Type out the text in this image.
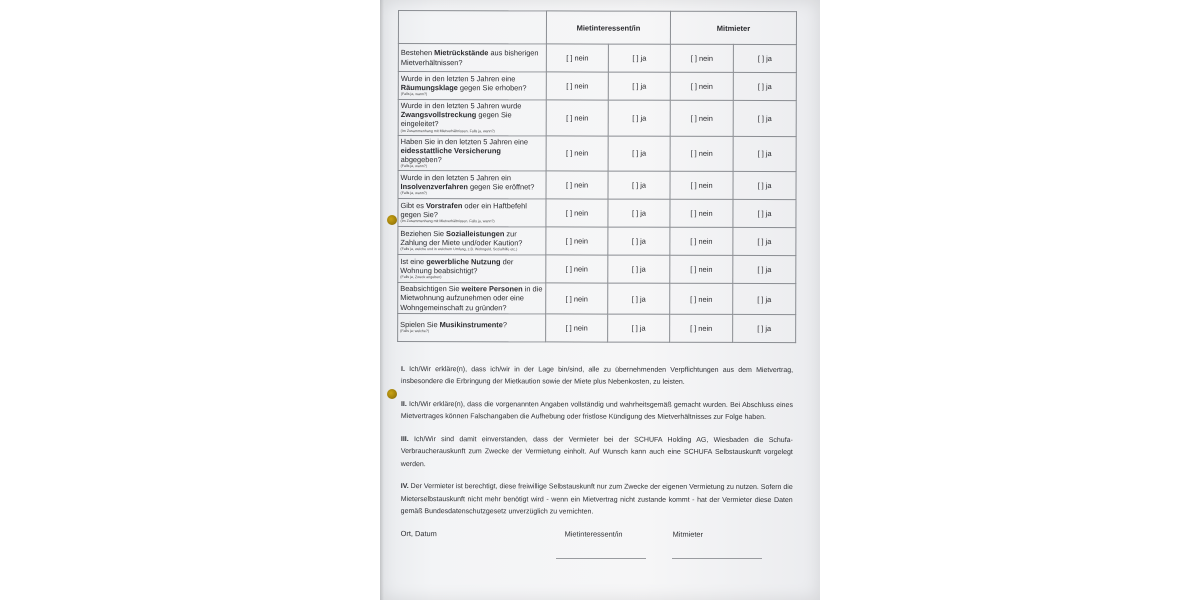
	Mietinteressent/in		Mitmieter	
Bestehen Mietrückstände aus bisherigen Mietverhältnissen?	[ ] nein	[ ] ja	[ ] nein	[ ] ja
Wurde in den letzten 5 Jahren eine Räumungsklage gegen Sie erhoben?
(Falls ja, wann?)	[ ] nein	[ ] ja	[ ] nein	[ ] ja
Wurde in den letzten 5 Jahren wurde Zwangsvollstreckung gegen Sie eingeleitet?
(Im Zusammenhang mit Mietverhältnissen. Falls ja, wann?)	[ ] nein	[ ] ja	[ ] nein	[ ] ja
Haben Sie in den letzten 5 Jahren eine eidesstattliche Versicherung abgegeben?
(Falls ja, wann?)	[ ] nein	[ ] ja	[ ] nein	[ ] ja
Wurde in den letzten 5 Jahren ein Insolvenzverfahren gegen Sie eröffnet?
(Falls ja, wann?)	[ ] nein	[ ] ja	[ ] nein	[ ] ja
Gibt es Vorstrafen oder ein Haftbefehl gegen Sie?
(Im Zusammenhang mit Mietverhältnissen. Falls ja, wann?)	[ ] nein	[ ] ja	[ ] nein	[ ] ja
Beziehen Sie Sozialleistungen zur Zahlung der Miete und/oder Kaution?
(Falls ja, welche und in welchem Umfang, z.B. Wohngeld, Sozialhilfe etc.)	[ ] nein	[ ] ja	[ ] nein	[ ] ja
Ist eine gewerbliche Nutzung der Wohnung beabsichtigt?
(Falls ja, Zweck angeben)	[ ] nein	[ ] ja	[ ] nein	[ ] ja
Beabsichtigen Sie weitere Personen in die Mietwohnung aufzunehmen oder eine Wohngemeinschaft zu gründen?	[ ] nein	[ ] ja	[ ] nein	[ ] ja
Spielen Sie Musikinstrumente?
(Falls ja: welche?)	[ ] nein	[ ] ja	[ ] nein	[ ] ja

I. Ich/Wir erkläre(n), dass ich/wir in der Lage bin/sind, alle zu übernehmenden Verpflichtungen aus dem Mietvertrag, insbesondere die Erbringung der Mietkaution sowie der Miete plus Nebenkosten, zu leisten.

II. Ich/Wir erkläre(n), dass die vorgenannten Angaben vollständig und wahrheitsgemäß gemacht wurden. Bei Abschluss eines Mietvertrages können Falschangaben die Aufhebung oder fristlose Kündigung des Mietverhältnisses zur Folge haben.

III. Ich/Wir sind damit einverstanden, dass der Vermieter bei der SCHUFA Holding AG, Wiesbaden die Schufa-Verbraucherauskunft zum Zwecke der Vermietung einholt. Auf Wunsch kann auch eine SCHUFA Selbstauskunft vorgelegt werden.

IV. Der Vermieter ist berechtigt, diese freiwillige Selbstauskunft nur zum Zwecke der eigenen Vermietung zu nutzen. Sofern die Mieterselbstauskunft nicht mehr benötigt wird - wenn ein Mietvertrag nicht zustande kommt - hat der Vermieter diese Daten gemäß Bundesdatenschutzgesetz unverzüglich zu vernichten.

Ort, Datum	Mietinteressent/in	Mitmieter
